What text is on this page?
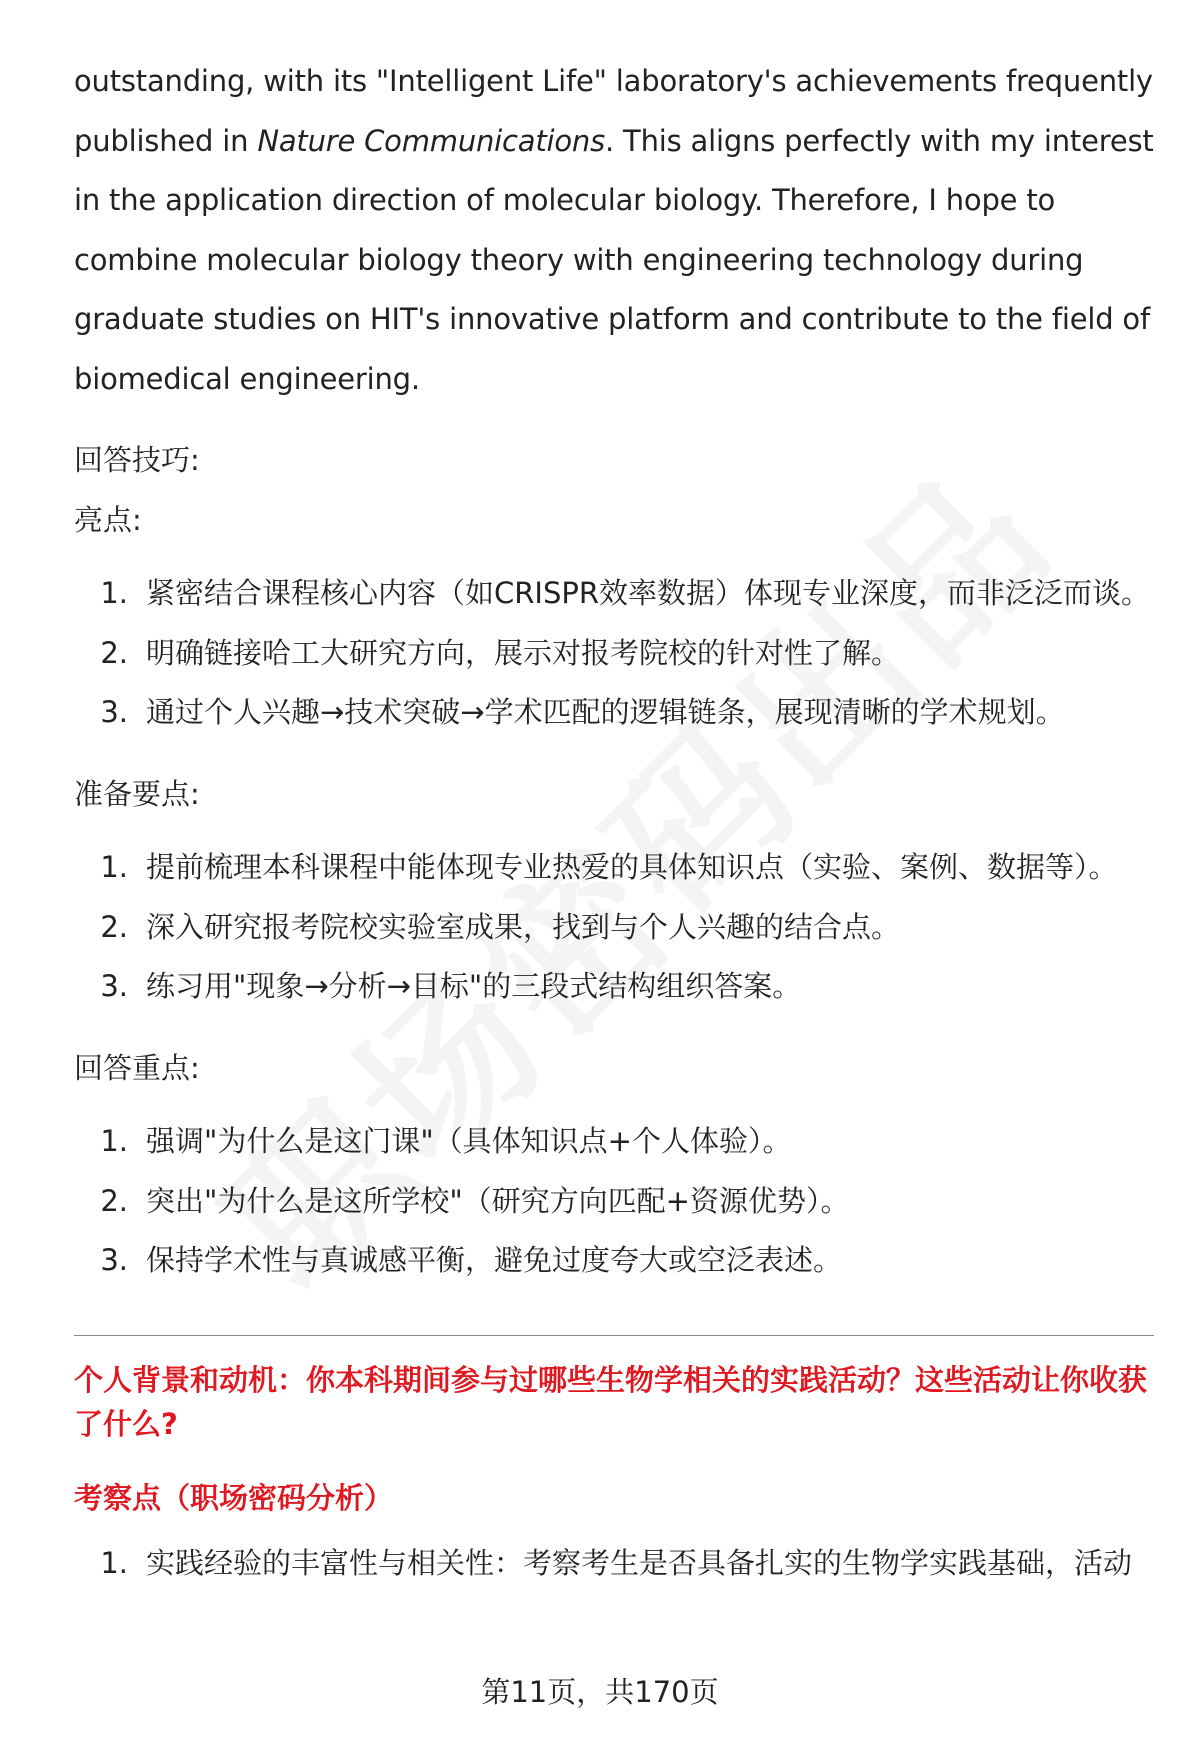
outstanding, with its "Intelligent Life" laboratory's achievements frequently published in Nature Communications. This aligns perfectly with my interest in the application direction of molecular biology. Therefore, I hope to combine molecular biology theory with engineering technology during graduate studies on HIT's innovative platform and contribute to the field of biomedical engineering.

回答技巧:

亮点:

1. 紧密结合课程核心内容（如CRISPR效率数据）体现专业深度，而非泛泛而谈。
2. 明确链接哈工大研究方向，展示对报考院校的针对性了解。
3. 通过个人兴趣→技术突破→学术匹配的逻辑链条，展现清晰的学术规划。

准备要点:

1. 提前梳理本科课程中能体现专业热爱的具体知识点（实验、案例、数据等）。
2. 深入研究报考院校实验室成果，找到与个人兴趣的结合点。
3. 练习用"现象→分析→目标"的三段式结构组织答案。

回答重点:

1. 强调"为什么是这门课"（具体知识点+个人体验）。
2. 突出"为什么是这所学校"（研究方向匹配+资源优势）。
3. 保持学术性与真诚感平衡，避免过度夸大或空泛表述。

个人背景和动机：你本科期间参与过哪些生物学相关的实践活动？这些活动让你收获了什么?

考察点（职场密码分析）

1. 实践经验的丰富性与相关性：考察考生是否具备扎实的生物学实践基础，活动
第11页，共170页
